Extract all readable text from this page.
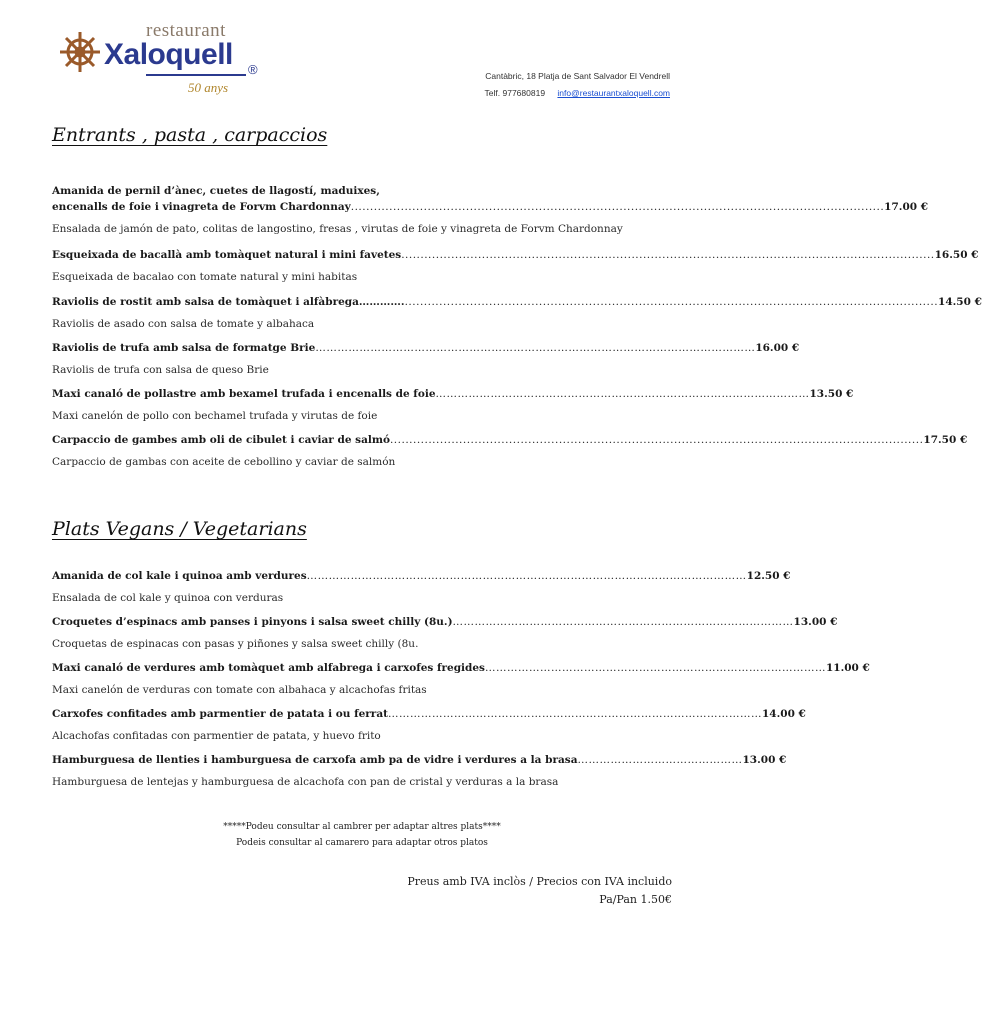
restaurant
Xaloquell ®
50 anys
Cantàbric, 18 Platja de Sant Salvador El Vendrell
Telf. 977680819 info@restaurantxaloquell.com
Entrants , pasta , carpaccios
Amanida de pernil d’ànec, cuetes de llagostí, maduixes,
encenalls de foie i vinagreta de Forvm Chardonnay ........................................................................................................................................... 17.00 €
Ensalada de jamón de pato, colitas de langostino, fresas , virutas de foie y vinagreta de Forvm Chardonnay
Esqueixada de bacallà amb tomàquet natural i mini favetes ........................................................................................................................................... 16.50 €
Esqueixada de bacalao con tomate natural y mini habitas
Raviolis de rostit amb salsa de tomàquet i alfàbrega…………. ........................................................................................................................................... 14.50 €
Raviolis de asado con salsa de tomate y albahaca
Raviolis de trufa amb salsa de formatge Brie ………………………………………………………………………………………………………… 16.00 €
Raviolis de trufa con salsa de queso Brie
Maxi canaló de pollastre amb bexamel trufada i encenalls de foie ………………………………………………………………………………………… 13.50 €
Maxi canelón de pollo con bechamel trufada y virutas de foie
Carpaccio de gambes amb oli de cibulet i caviar de salmó ........................................................................................................................................... 17.50 €
Carpaccio de gambas con aceite de cebollino y caviar de salmón
Plats Vegans / Vegetarians
Amanida de col kale i quinoa amb verdures ………………………………………………………………………………………………………… 12.50 €
Ensalada de col kale y quinoa con verduras
Croquetes d’espinacs amb panses i pinyons i salsa sweet chilly (8u.) ………………………………………………………………………………… 13.00 €
Croquetas de espinacas con pasas y piñones y salsa sweet chilly (8u.
Maxi canaló de verdures amb tomàquet amb alfabrega i carxofes fregides ………………………………………………………………………………… 11.00 €
Maxi canelón de verduras con tomate con albahaca y alcachofas fritas
Carxofes confitades amb parmentier de patata i ou ferrat ………………………………………………………………………………………… 14.00 €
Alcachofas confitadas con parmentier de patata, y huevo frito
Hamburguesa de llenties i hamburguesa de carxofa amb pa de vidre i verdures a la brasa ……………………………………… 13.00 €
Hamburguesa de lentejas y hamburguesa de alcachofa con pan de cristal y verduras a la brasa
*****Podeu consultar al cambrer per adaptar altres plats****
Podeis consultar al camarero para adaptar otros platos
Preus amb IVA inclòs / Precios con IVA incluido
Pa/Pan 1.50€
